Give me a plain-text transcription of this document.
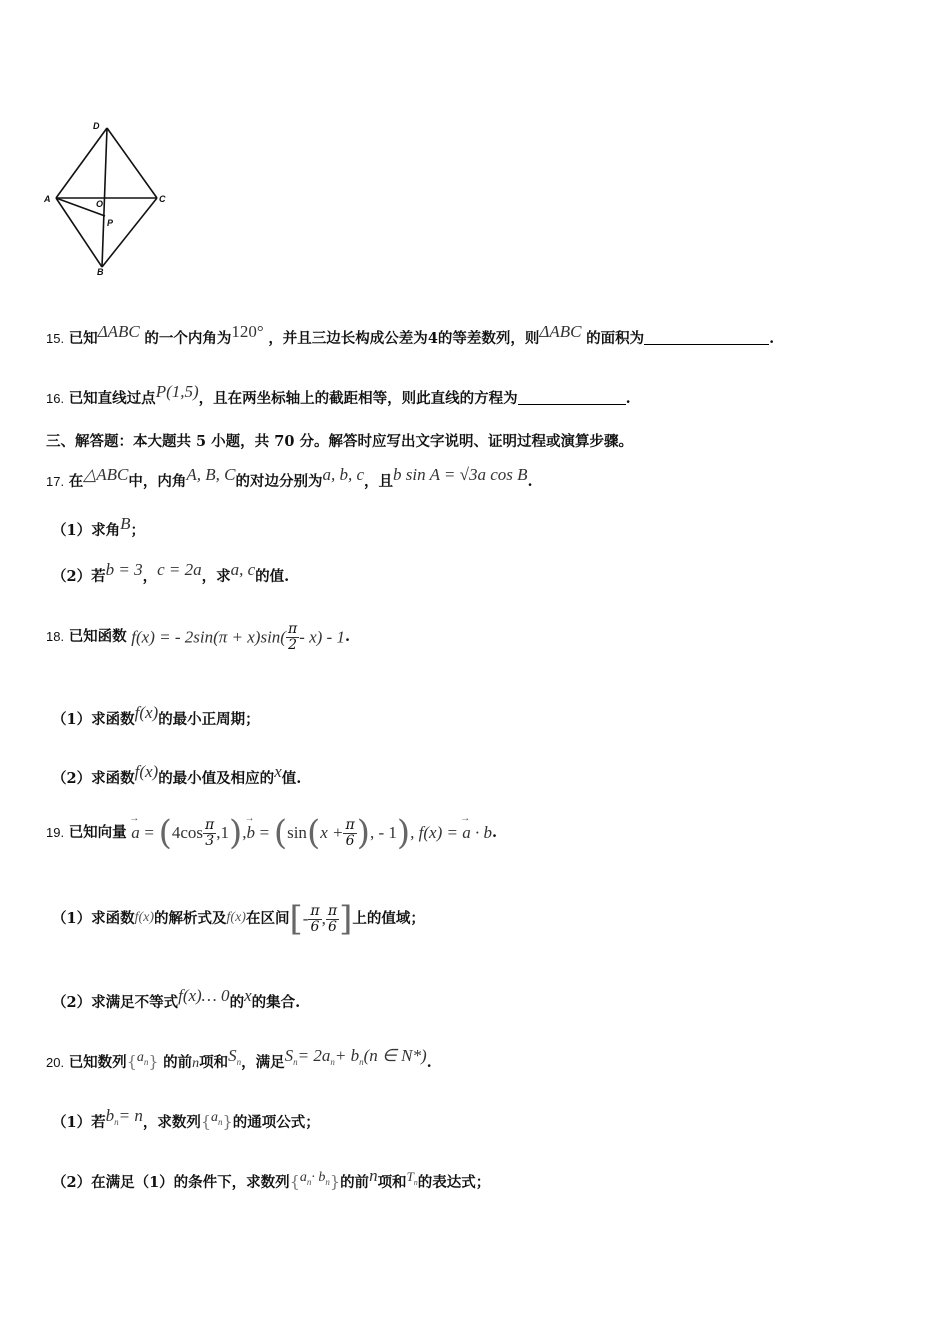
D
A	C
O
P
B
15. 已知ΔABC 的一个内角为120° ，并且三边长构成公差为4的等差数列，则ΔABC 的面积为	.
16. 已知直线过点P(1,5)，且在两坐标轴上的截距相等，则此直线的方程为	.
三、解答题：本大题共 5 小题，共 70 分。解答时应写出文字说明、证明过程或演算步骤。
17. 在△ABC中，内角A, B, C的对边分别为a, b, c，且b sin A = √3a cos B.
（1）求角B；
（2）若b = 3，c = 2a，求a, c的值.
18. 已知函数 f(x) = - $2\sin(\pi + x)\sin( \frac{\pi}{2} - x) - 1$.
（1）求函数f(x)的最小正周期；
（2）求函数f(x)的最小值及相应的x值.
19. 已知向量 → $a = (4\cos \frac{\pi}{3} ,1),\to b = (\sin(x + \frac{\pi}{6}$ ), - 1), f(x) = → a · b.
（1）求函数f(x)的解析式及f(x)在区间[- $\frac{\pi}{6}$ , $\frac{\pi}{6}$ ]上的值域；
（2）求满足不等式f(x)… 0的x的集合.
20. 已知数列{an} 的前n项和Sn，满足Sn= 2an+ bn(n ∈ N*).
（1）若bn= n，求数列{an}的通项公式；
（2）在满足（1）的条件下，求数列{an· bn}的前n项和Tn的表达式；
